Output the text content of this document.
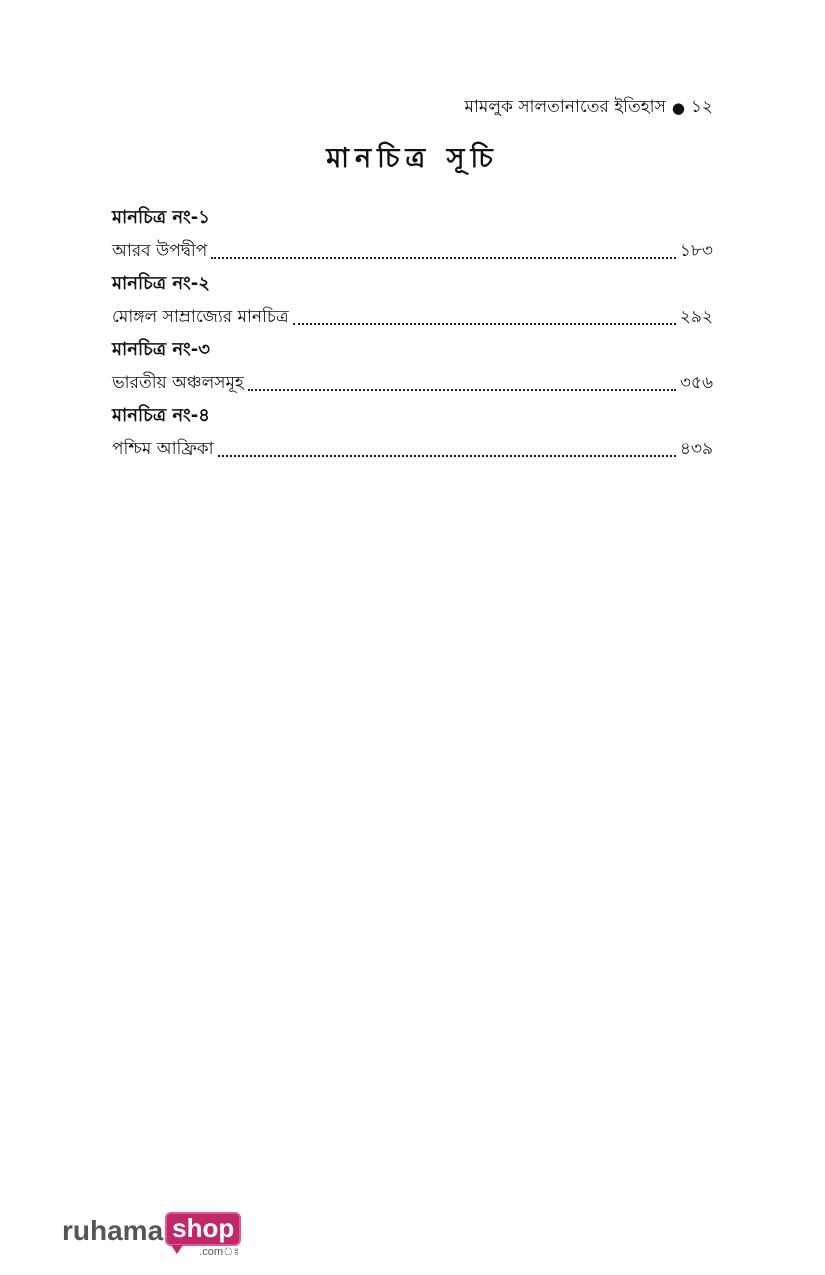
মামলুক সালতানাতের ইতিহাস ● ১২
মানচিত্র সূচি
মানচিত্র নং-১
আরব উপদ্বীপ	১৮৩
মানচিত্র নং-২
মোঙ্গল সাম্রাজ্যের মানচিত্র	২৯২
মানচিত্র নং-৩
ভারতীয় অঞ্চলসমূহ	৩৫৬
মানচিত্র নং-৪
পশ্চিম আফ্রিকা	৪৩৯
ruhama shop
.comঃ
